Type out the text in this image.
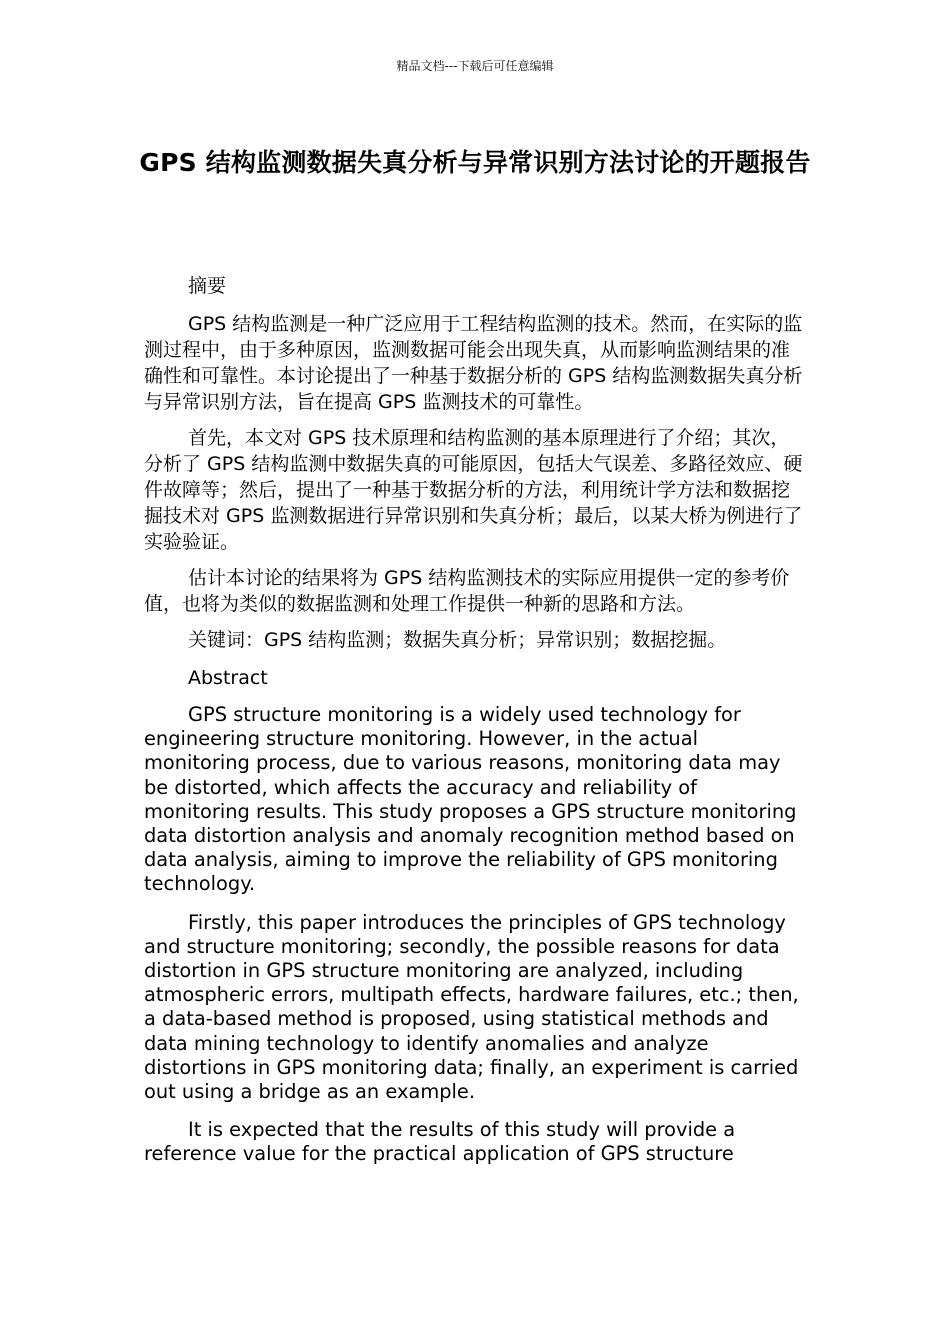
精品文档---下载后可任意编辑
GPS 结构监测数据失真分析与异常识别方法讨论的开题报告

摘要

GPS 结构监测是一种广泛应用于工程结构监测的技术。然而，在实际的监测过程中，由于多种原因，监测数据可能会出现失真，从而影响监测结果的准确性和可靠性。本讨论提出了一种基于数据分析的 GPS 结构监测数据失真分析与异常识别方法，旨在提高 GPS 监测技术的可靠性。

首先，本文对 GPS 技术原理和结构监测的基本原理进行了介绍；其次，分析了 GPS 结构监测中数据失真的可能原因，包括大气误差、多路径效应、硬件故障等；然后，提出了一种基于数据分析的方法，利用统计学方法和数据挖掘技术对 GPS 监测数据进行异常识别和失真分析；最后，以某大桥为例进行了实验验证。

估计本讨论的结果将为 GPS 结构监测技术的实际应用提供一定的参考价值，也将为类似的数据监测和处理工作提供一种新的思路和方法。

关键词：GPS 结构监测；数据失真分析；异常识别；数据挖掘。

Abstract

GPS structure monitoring is a widely used technology for engineering structure monitoring. However, in the actual monitoring process, due to various reasons, monitoring data may be distorted, which affects the accuracy and reliability of monitoring results. This study proposes a GPS structure monitoring data distortion analysis and anomaly recognition method based on data analysis, aiming to improve the reliability of GPS monitoring technology.

Firstly, this paper introduces the principles of GPS technology and structure monitoring; secondly, the possible reasons for data distortion in GPS structure monitoring are analyzed, including atmospheric errors, multipath effects, hardware failures, etc.; then, a data-based method is proposed, using statistical methods and data mining technology to identify anomalies and analyze distortions in GPS monitoring data; finally, an experiment is carried out using a bridge as an example.

It is expected that the results of this study will provide a reference value for the practical application of GPS structure
